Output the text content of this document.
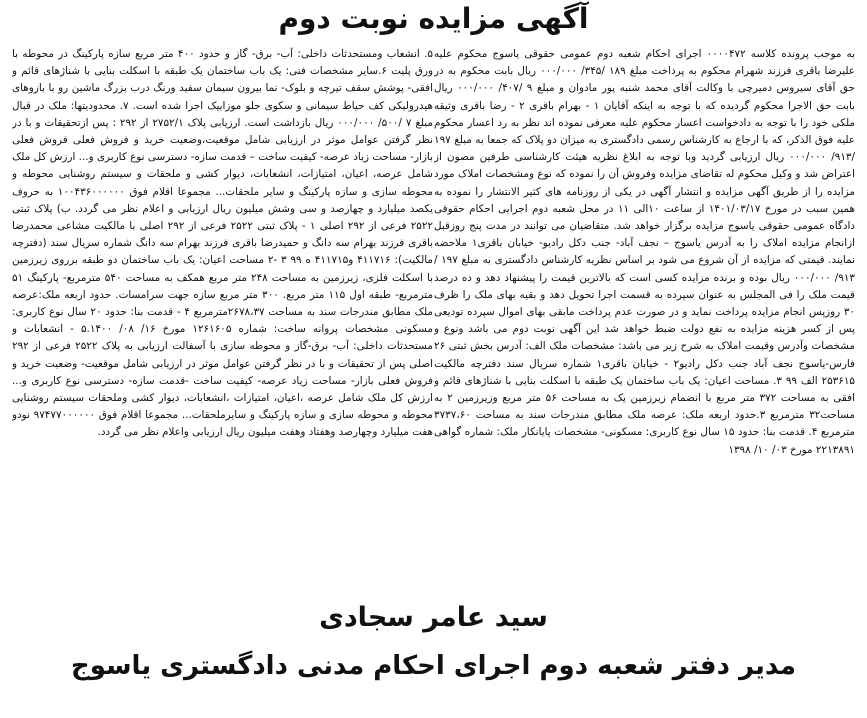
آگهی مزایده نوبت دوم

به موجب پرونده کلاسه ۰۰۰۰۴۷۲ اجرای احکام شعبه دوم عمومی حقوقی یاسوج محکوم علیه علیرضا باقری فرزند شهرام محکوم به پرداخت مبلغ ۱۸۹ /۳۴۵/ ۰۰۰/۰۰۰ ریال بابت محکوم به در حق آقای سیروس دمیرچی با وکالت آقای محمد شنبه پور مادوان و مبلغ ۹ /۴۰۷/ ۰۰۰/۰۰۰ ریال بابت حق الاجرا محکوم گردیده که با توجه به اینکه آقایان ۱ - بهرام باقری ۲ - رضا باقری وثیقه ملکی خود را با توجه به دادخواست اعسار محکوم علیه معرفی نموده اند نظر به رد اعسار محکوم علیه فوق الذکر، که با ارجاع به کارشناس رسمی دادگستری به میزان دو پلاک که جمعا به مبلغ ۱۹۷ /۹۱۳/ ۰۰۰/۰۰۰ ریال ارزیابی گردید وبا توجه به ابلاغ نظریه هیئت کارشناسی طرفین مصون از اعتراض شد و وکیل محکوم له تقاضای مزایده وفروش آن را نموده که نوع ومشخصات املاک مورد مزایده را از طریق آگهی مزایده و انتشار آگهی در یکی از روزنامه های کثیر الانتشار را نموده به همین سبب در مورخ ۱۴۰۱/۰۳/۱۷ از ساعت ۱۰الی ۱۱ در محل شعبه دوم اجرایی احکام حقوقی دادگاه عمومی حقوقی یاسوج مزایده برگزار خواهد شد. متقاضیان می توانند در مدت پنج روزقبل ازانجام مزایده املاک را به آدرس یاسوج – نجف آباد- جنب دکل رادیو- خیابان باقری۱ ملاحضه نمایند. قیمتی که مزایده از آن شروع می شود بر اساس نظریه کارشناس دادگستری به مبلغ ۱۹۷ /۹۱۳/ ۰۰۰/۰۰۰ ریال بوده و برنده مزایده کسی است که بالاترین قیمت را پیشنهاد دهد و ده درصد قیمت ملک را فی المجلس به عنوان سپرده به قسمت اجرا تحویل دهد و بقیه بهای ملک را ظرف ۳۰ روزپس انجام مزایده پرداخت نماید و در صورت عدم پرداخت مابقی بهای اموال سپرده تودیعی پس از کسر هزینه مزایده به نفع دولت ضبط خواهد شد این آگهی نوبت دوم می باشد ونوع و مشخصات وآدرس وقیمت املاک به شرح زیر می باشد: مشخصات ملک الف: آدرس بخش ثبتی ۲۶ فارس-یاسوج نجف آباد جنب دکل رادیو۲ - خیابان باقری۱ شماره سریال سند دفترچه مالکیت ۲۵۳۶۱۵ الف ۹۹ ۳. مساحت اعیان: یک باب ساختمان یک طبقه با اسکلت بنایی با شناژهای قائم و افقی به مساحت ۳۷۲ متر مربع با انضمام زیرزمین یک به مساحت ۵۶ متر مربع وزیرزمین ۲ به مساحت۳۲ مترمربع ۳.حدود اربعه ملک: عرصه ملک مطابق مندرجات سند به مساحت ۳۷۳۷،۶۰ مترمربع ۴. قدمت بنا: حدود ۱۵ سال نوع کاربری: مسکونی- مشخصات پایانکار ملک: شماره گواهی ۲۲۱۳۸۹۱ مورخ ۰۳/ ۱۰/ ۱۳۹۸

۵. انشعاب ومستحدثات داخلی: آب- برق- گاز و حدود ۴۰۰ متر مربع سازه پارکینگ در محوطه با ورق پلیت ۶.سایر مشخصات فنی: یک باب ساختمان یک طبقه با اسکلت بنایی با شناژهای قائم و افقی- پوشش سقف تیرچه و بلوک- نما بیرون سیمان سفید ورنگ درب بزرگ ماشین رو با بازوهای هیدرولیکی کف حیاط سیمانی و سکوی جلو موزاییک اجرا شده است. ۷. محدودیتها: ملک در قبال مبلغ ۷ /۵۰۰/ ۰۰۰/۰۰۰ ریال بازداشت است. ارزیابی پلاک ۲۷۵۲/۱ از ۲۹۲ : پس ازتحقیقات و با در نظر گرفتن عوامل موثر در ارزیابی شامل موقعیت،وضعیت خرید و فروش فعلی فروش فعلی بازار- مساحت زیاد عرصه- کیفیت ساخت – قدمت سازه- دسترسی نوع کاربری و... ارزش کل ملک شامل عرصه، اعیان، امتیازات، انشعابات، دیوار کشی و ملحقات و سیستم روشنایی محوطه و محوطه سازی و سازه پارکینگ و سایر ملحقات... مجموعا اقلام فوق ۱۰۰۴۳۶۰۰۰۰۰۰ به حروف یکصد میلیارد و چهارصد و سی وشش میلیون ریال ارزیابی و اعلام نظر می گردد. ب) پلاک ثبتی ۲۵۲۲ فرعی از ۲۹۲ اصلی ۱ - پلاک ثبتی ۲۵۲۲ فرعی از ۲۹۲ اصلی با مالکیت مشاعی محمدرضا باقری فرزند بهرام سه دانگ و حمیدرضا باقری فرزند بهرام سه دانگ شماره سریال سند (دفترچه مالکیت): ۴۱۱۷۱۶ و۴۱۱۷۱۵ ه ۹۹ ۳ -۲ مساحت اعیان: یک باب ساختمان دو طبقه برروی زیرزمین با اسکلت فلزی، زیرزمین به مساحت ۲۴۸ متر مربع همکف به مساحت ۵۴۰ مترمربع- پارکینگ ۵۱ مترمربع- طبقه اول ۱۱۵ متر مربع. ۳۰۰ متر مربع سازه جهت سرامسات. حدود اربعه ملک:عرصه ملک مطابق مندرجات سند به مساحت ۲۶۷۸،۳۷مترمربع ۴ - قدمت بنا: حدود ۲۰ سال نوع کاربری: مسکونی مشخصات پروانه ساخت: شماره ۱۲۶۱۶۰۵ مورخ ۱۶/ ۰۸/ ۵.۱۴۰۰ - انشعابات و مستحدثات داخلی: آب- برق-گاز و محوطه سازی با آسفالت ارزیابی به پلاک ۲۵۲۲ فرعی از ۲۹۲ اصلی پس از تحقیقات و با در نظر گرفتن عوامل موثر در ارزیابی شامل موقعیت- وضعیت خرید و فروش فعلی بازار- مساحت زیاد عرصه- کیفیت ساخت -قدمت سازه- دسترسی نوع کاربری و... ارزش کل ملک شامل عرصه ،اعیان، امتیازات ،انشعابات، دیوار کشی وملحقات سیستم روشنایی محوطه و محوطه سازی و سازه پارکینگ و سایرملحقات... مجموعا اقلام فوق ۹۷۴۷۷۰۰۰۰۰۰ نودو هفت میلیارد وچهارصد وهفتاد وهفت میلیون ریال ارزیابی واعلام نظر می گردد.

سید عامر سجادی
مدیر دفتر شعبه دوم اجرای احکام مدنی دادگستری یاسوج
